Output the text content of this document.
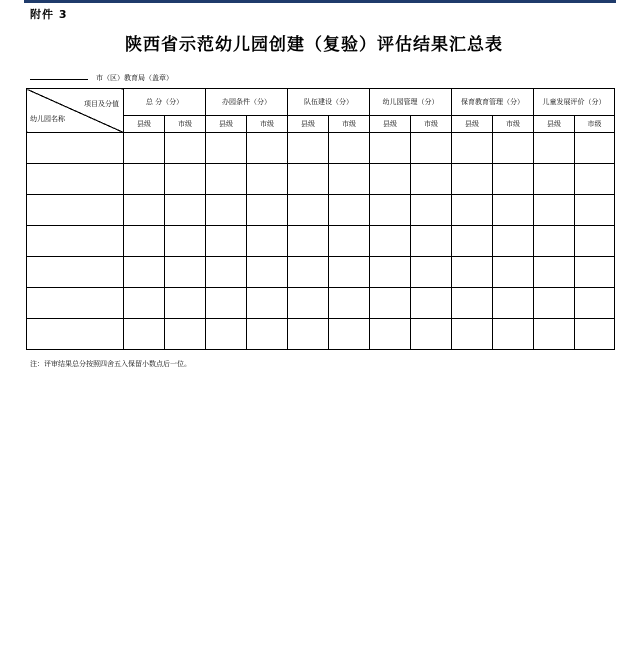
附件 3
陕西省示范幼儿园创建（复验）评估结果汇总表
市（区）教育局（盖章）
项目及分值
幼儿园名称	总 分（分）		办园条件（分）		队伍建设（分）		幼儿园管理（分）		保育教育管理（分）		儿童发展评价（分）	
	县级	市级	县级	市级	县级	市级	县级	市级	县级	市级	县级	市级

注：评审结果总分按照四舍五入保留小数点后一位。
